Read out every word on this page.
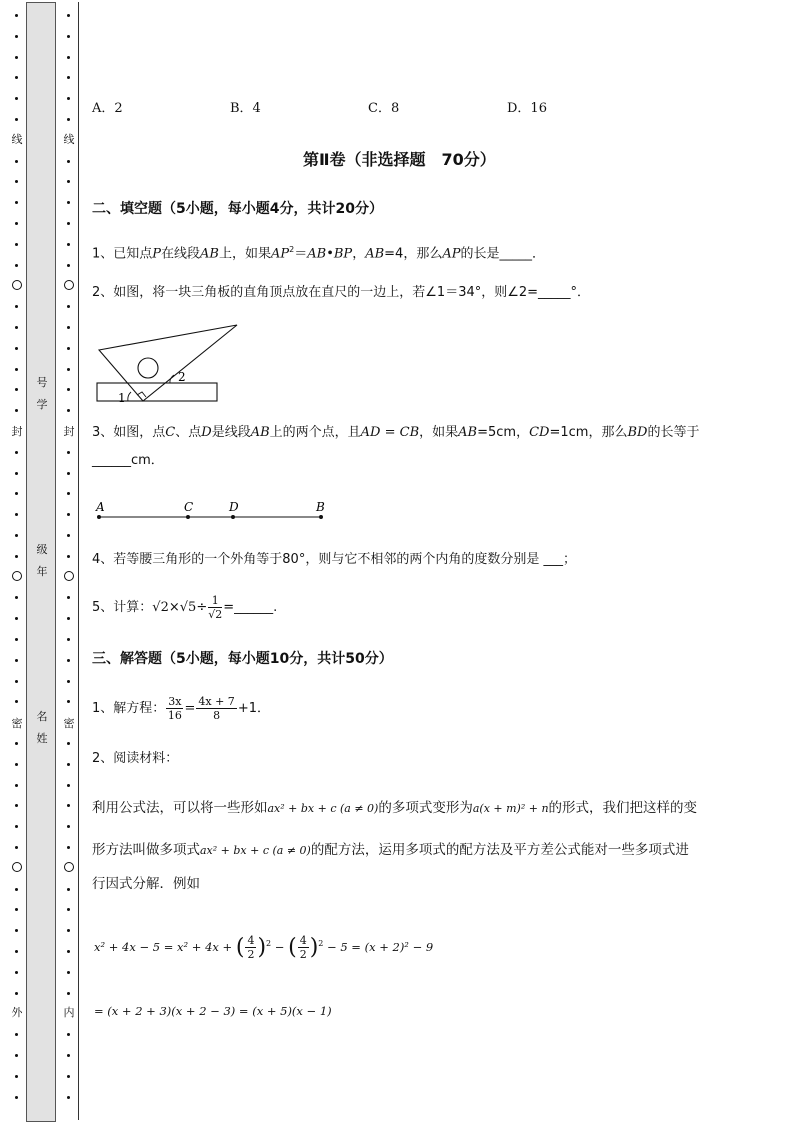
线
封
密
外
线
封
密
内
号
学
级
年
名
姓
A．2	B．4	C．8	D．16
第Ⅱ卷（非选择题　70分）
二、填空题（5小题，每小题4分，共计20分）
1、已知点P在线段AB上，如果$AP^2=AB•BP$，AB=4，那么AP的长是_____．
2、如图，将一块三角板的直角顶点放在直尺的一边上，若∠1＝34°，则∠2=_____°．
1
2
3、如图，点C、点D是线段AB上的两个点，且AD = CB，如果AB=5cm，CD=1cm，那么BD的长等于
______cm．
A	C	D	B
4、若等腰三角形的一个外角等于80°，则与它不相邻的两个内角的度数分别是 ___；
5、计算：$√2\times√5\div \frac{1}{√2}$ =______.
三、解答题（5小题，每小题10分，共计50分）
1、解方程： $\frac{3x}{16} = \frac{4x + 7}{8} +1$．
2、阅读材料：
利用公式法，可以将一些形如ax² + bx + c (a ≠ 0)的多项式变形为a(x + m)² + n的形式，我们把这样的变
形方法叫做多项式ax² + bx + c (a ≠ 0)的配方法，运用多项式的配方法及平方差公式能对一些多项式进
行因式分解．例如
x² + 4x − 5 = x² + 4x + ( $\frac{4}{2} )^2$ − ( $\frac{4}{2} )^2 - 5 = (x + 2)^2 - 9$
= (x + 2 + 3)(x + 2 − 3) = (x + 5)(x − 1)
